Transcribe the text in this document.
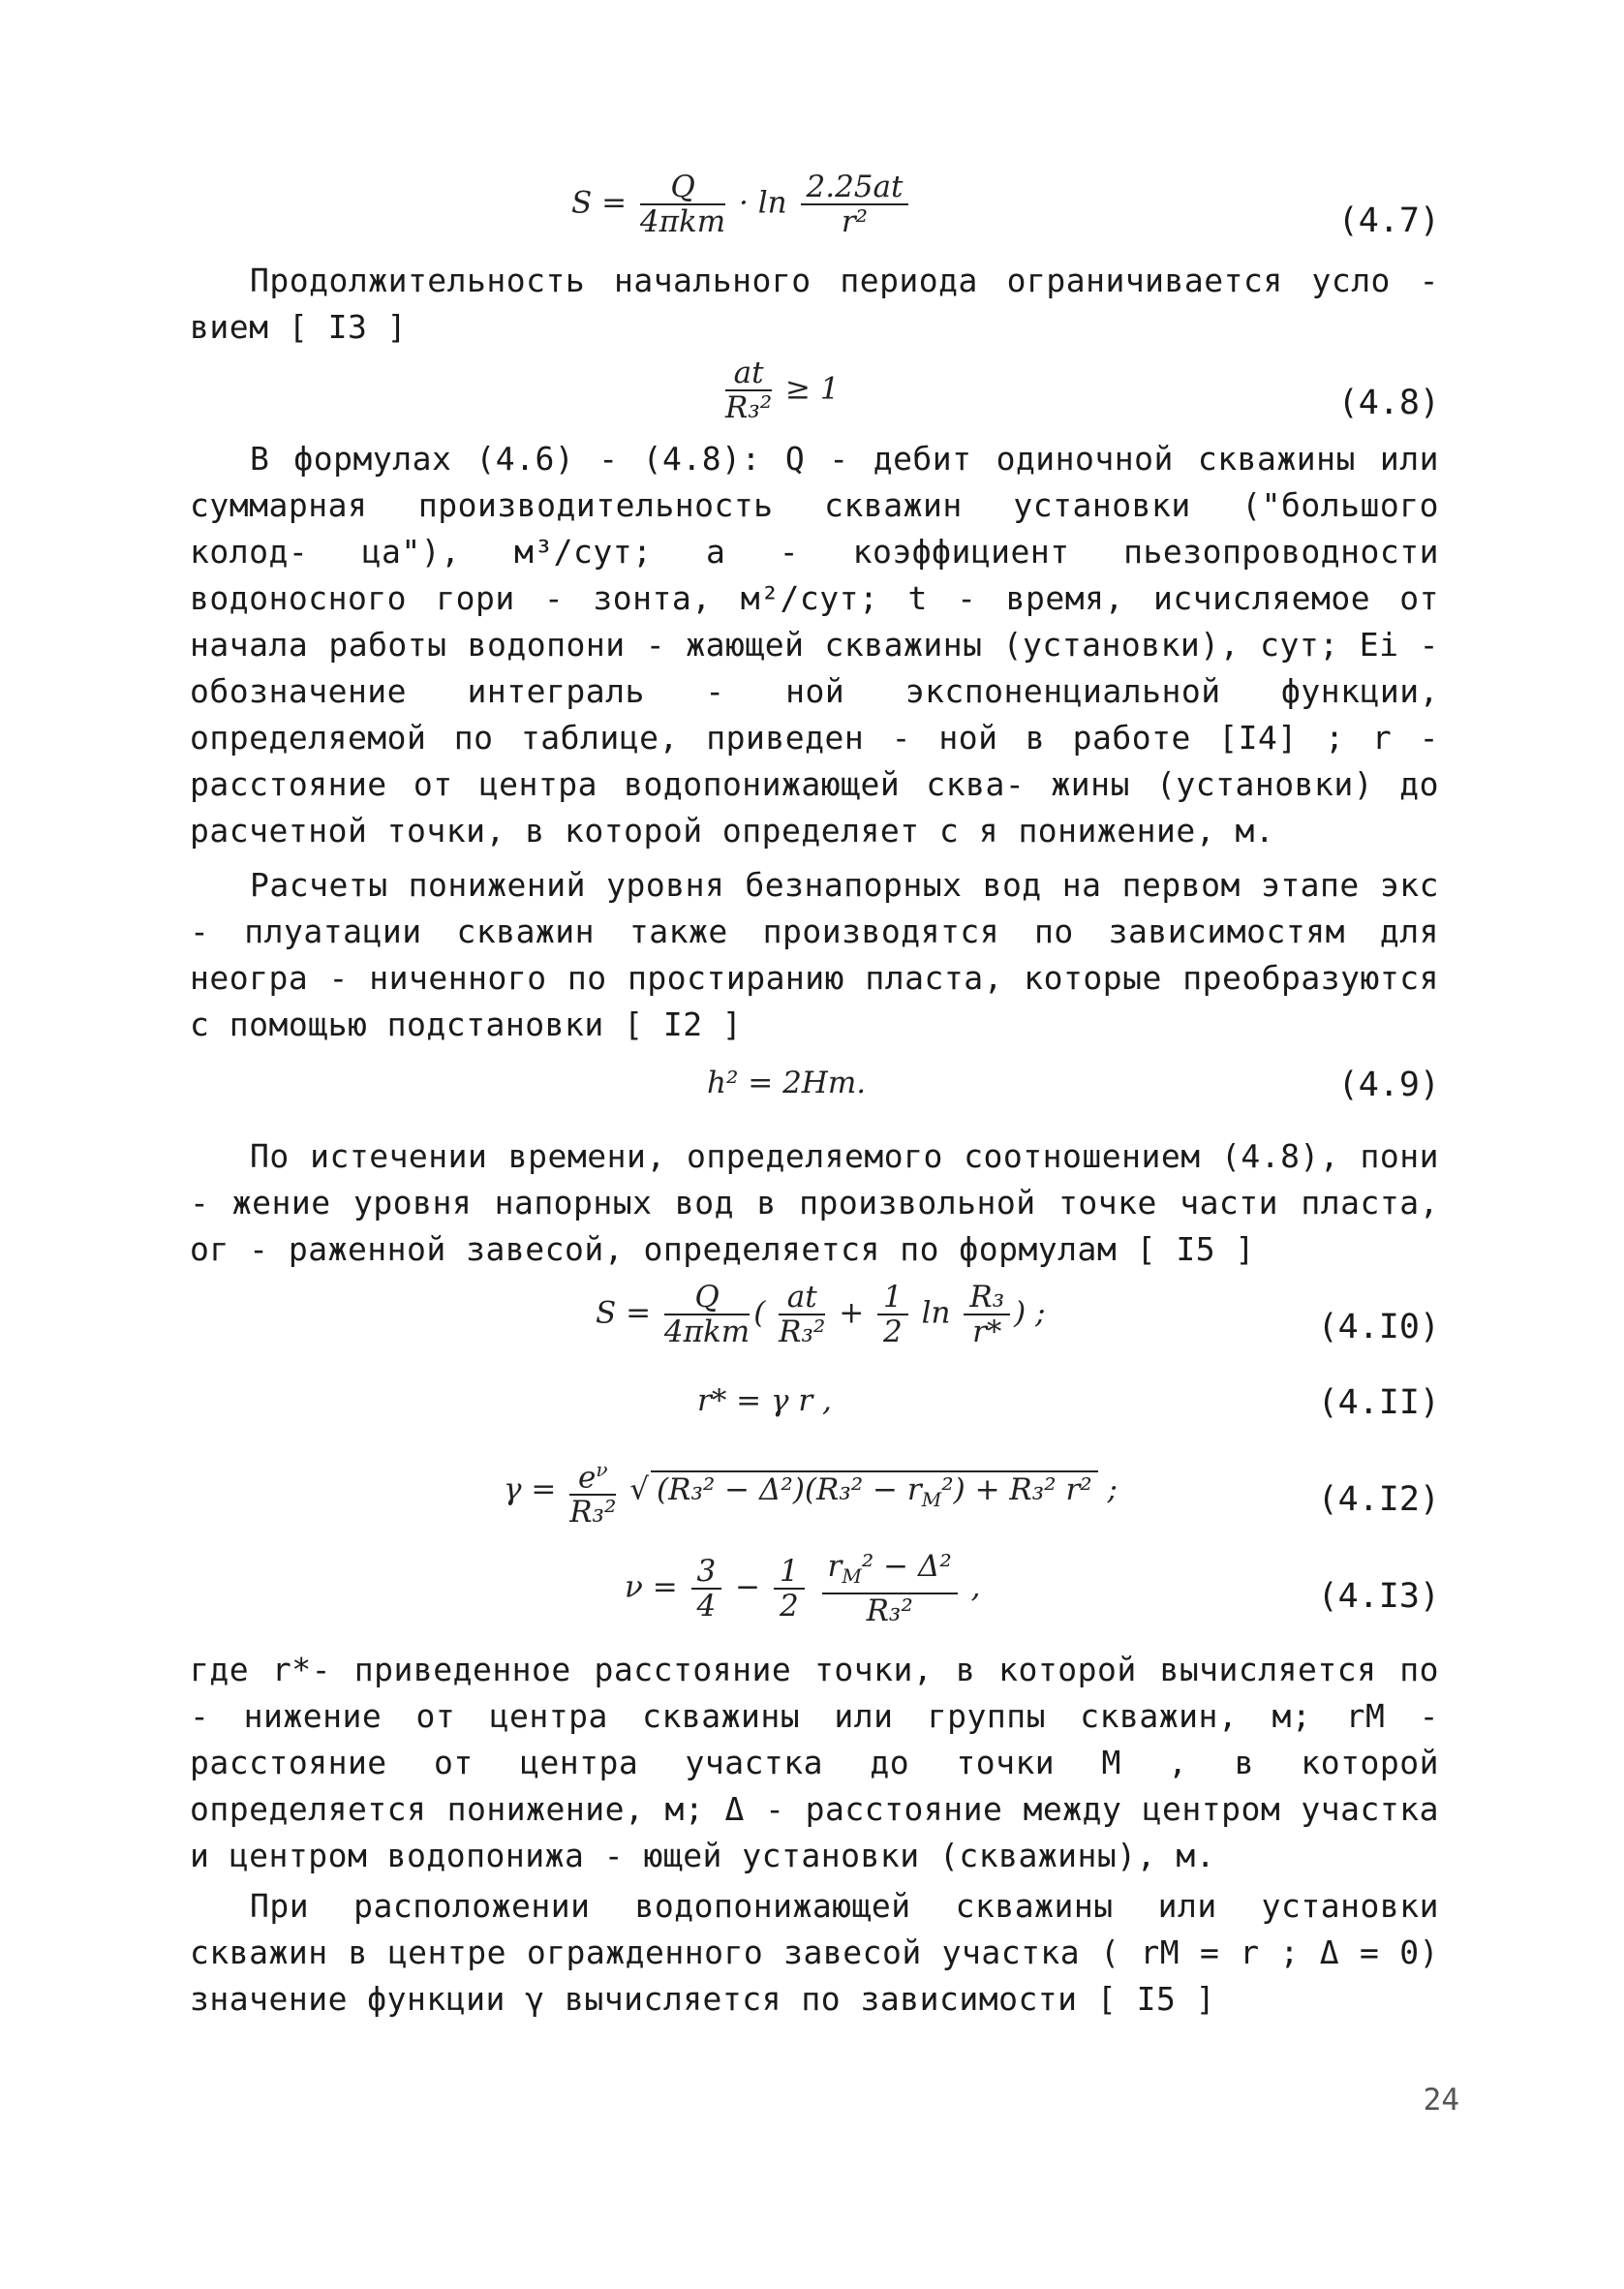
$S = \frac{Q}{\text{4πkm}} \cdot \ln \frac{2.25at}{\text{r²}}$	(4.7)

Продолжительность начального периода ограничивается усло - вием [ I3 ]

$\frac{at}{\text{R₃²}} \ge 1$	(4.8)

В формулах (4.6) - (4.8): Q - дебит одиночной скважины или суммарная производительность скважин установки ("большого колод- ца"), м³/сут; a - коэффициент пьезопроводности водоносного гори - зонта, м²/сут; t - время, исчисляемое от начала работы водопони - жающей скважины (установки), сут; Ei - обозначение интеграль - ной экспоненциальной функции, определяемой по таблице, приведен - ной в работе [I4] ; r - расстояние от центра водопонижающей сква- жины (установки) до расчетной точки, в которой определяет с я понижение, м.

Расчеты понижений уровня безнапорных вод на первом этапе экс - плуатации скважин также производятся по зависимостям для неогра - ниченного по простиранию пласта, которые преобразуются с помощью подстановки [ I2 ]

h² = 2Hm.	(4.9)

По истечении времени, определяемого соотношением (4.8), пони - жение уровня напорных вод в произвольной точке части пласта, ог - раженной завесой, определяется по формулам [ I5 ]

$S = \frac{Q}{\text{4πkm}}$ ( $\frac{at}{\text{R₃²}} + \frac{1}{2}$ $\ln \frac{\text{R₃}}{r*}$ ) ;	(4.I0)
r* = γ r ,	(4.II)
$\gamma = \frac{e^\nu}{\text{R₃²}}$ √ $(R_3^2 - \Delta^2)(R_3^2 - r_M^2) + R_3^2$ r² ;	(4.I2)
$\nu = \frac{3}{4} - \frac{1}{2}$
$\frac{r_M^2 - \Delta^2}{\text{R₃²}}$ ,	(4.I3)

где r*- приведенное расстояние точки, в которой вычисляется по - нижение от центра скважины или группы скважин, м; rM - расстояние от центра участка до точки M , в которой определяется понижение, м; Δ - расстояние между центром участка и центром водопонижа - ющей установки (скважины), м.

При расположении водопонижающей скважины или установки скважин в центре огражденного завесой участка ( rM = r ; Δ = 0) значение функции γ вычисляется по зависимости [ I5 ]

24
